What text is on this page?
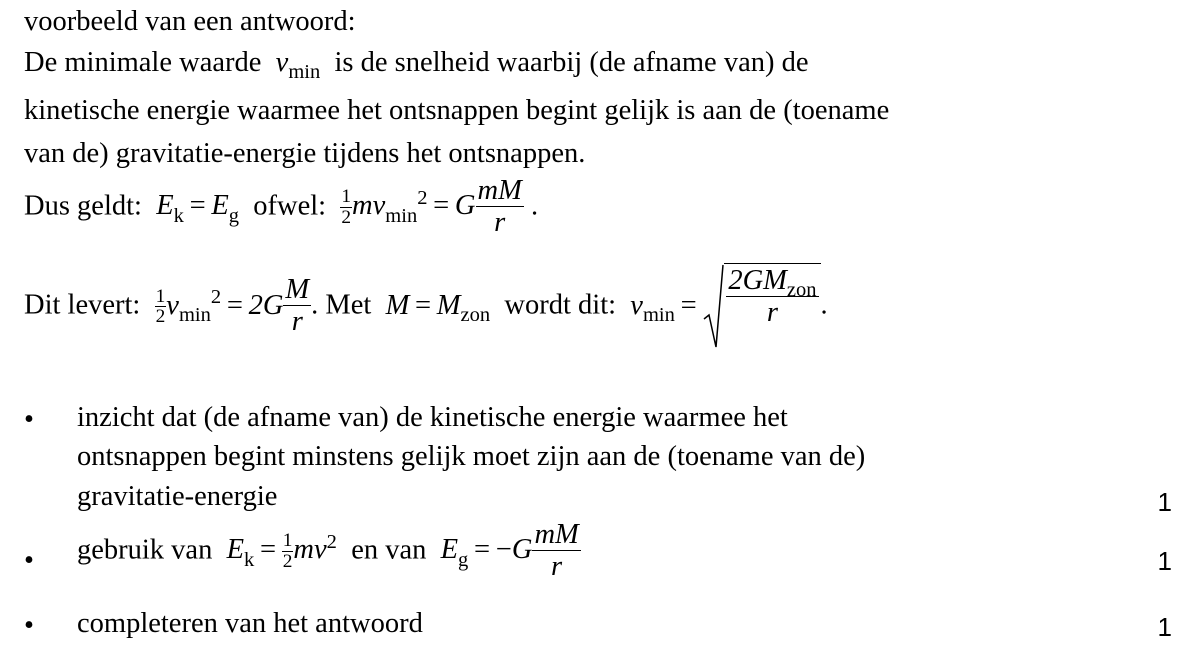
voorbeeld van een antwoord:
De minimale waarde $v_{min}$ is de snelheid waarbij (de afname van) de
kinetische energie waarmee het ontsnappen begint gelijk is aan de (toename
van de) gravitatie-energie tijdens het ontsnappen.
Dus geldt: $E_k = E_g$ ofwel: $\frac{1}{2} mv_{min}^2 = G \frac{mM}{r}$ .
Dit levert: $\frac{1}{2} v_{min}^2 = 2G \frac{M}{r}$ . Met $M = M_{zon}$ wordt dit: $v_{min} = \frac{2GM_{zon}}{r}$ .
• inzicht dat (de afname van) de kinetische energie waarmee het
ontsnappen begint minstens gelijk moet zijn aan de (toename van de)
gravitatie-energie	1
• gebruik van $E_k = \frac{1}{2} mv^2$ en van $E_g = -G \frac{mM}{r}$	1
• completeren van het antwoord	1
